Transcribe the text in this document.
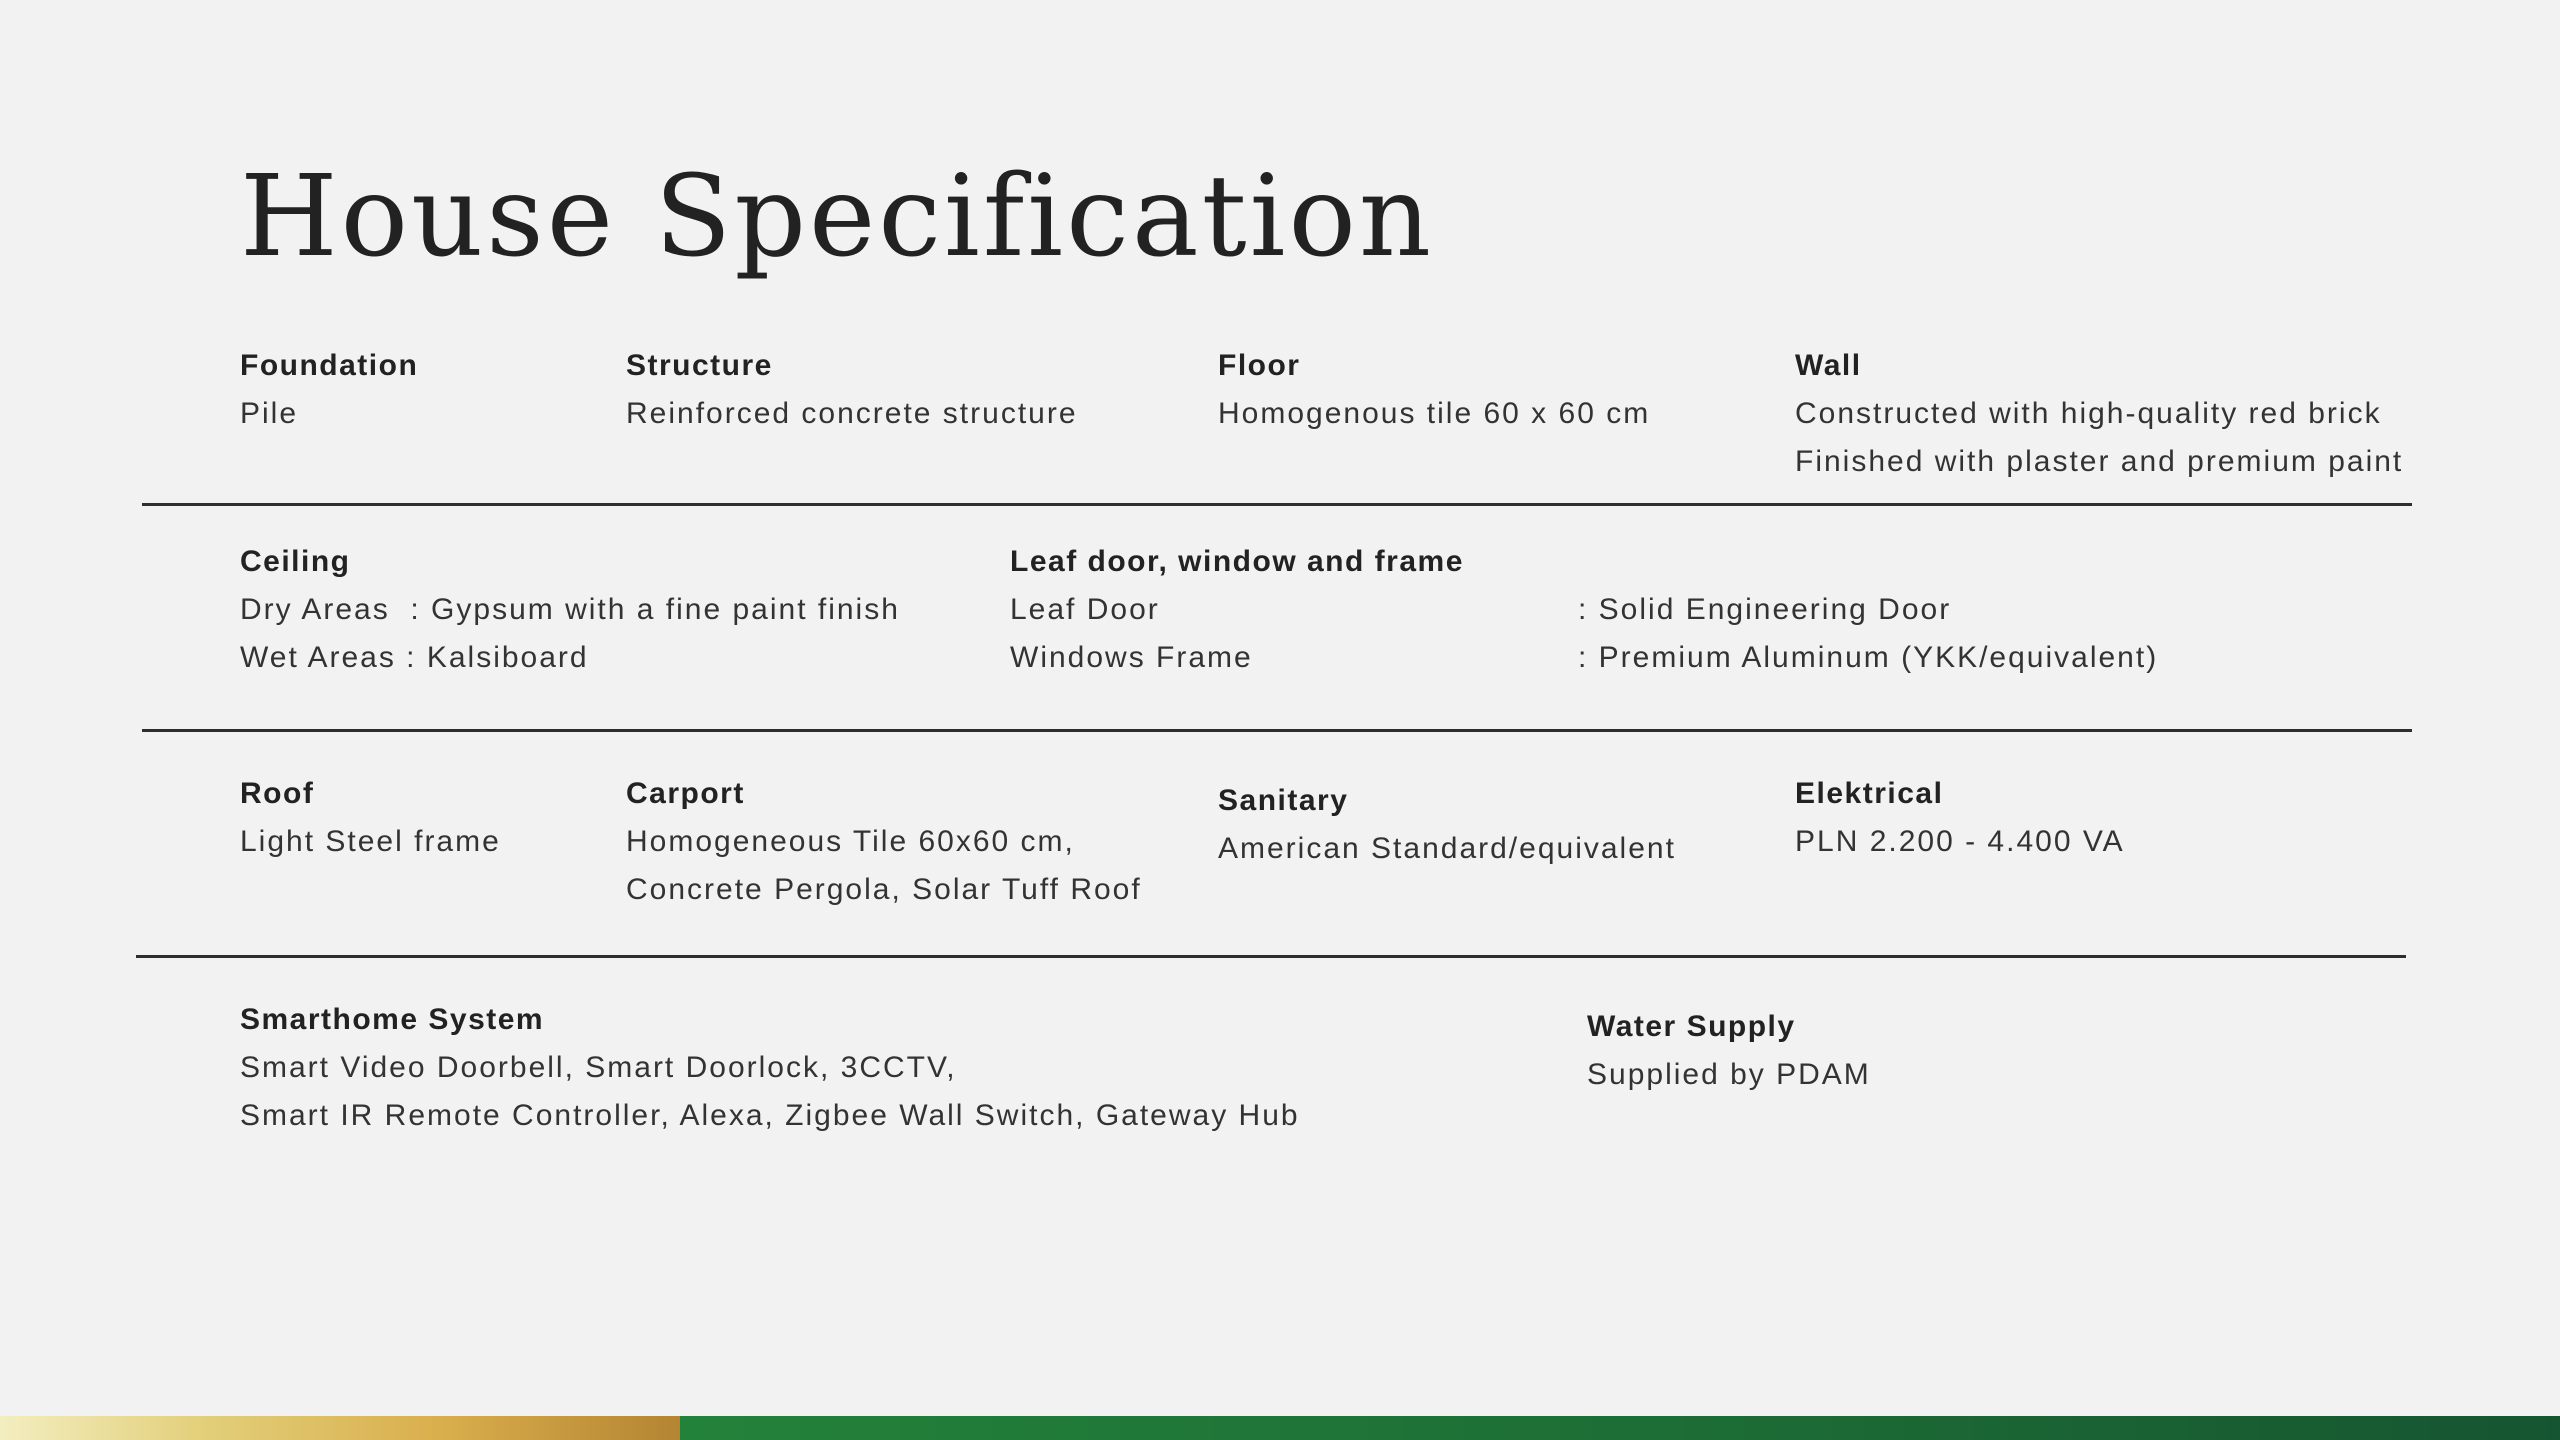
House Specification
Foundation
Pile
Structure
Reinforced concrete structure
Floor
Homogenous tile 60 x 60 cm
Wall
Constructed with high-quality red brick
Finished with plaster and premium paint
Ceiling
Dry Areas  : Gypsum with a fine paint finish
Wet Areas : Kalsiboard
Leaf door, window and frame
Leaf Door	: Solid Engineering Door
Windows Frame	: Premium Aluminum (YKK/equivalent)
Roof
Light Steel frame
Carport
Homogeneous Tile 60x60 cm,
Concrete Pergola, Solar Tuff Roof
Sanitary
American Standard/equivalent
Elektrical
PLN 2.200 - 4.400 VA
Smarthome System
Smart Video Doorbell, Smart Doorlock, 3CCTV,
Smart IR Remote Controller, Alexa, Zigbee Wall Switch, Gateway Hub
Water Supply
Supplied by PDAM
